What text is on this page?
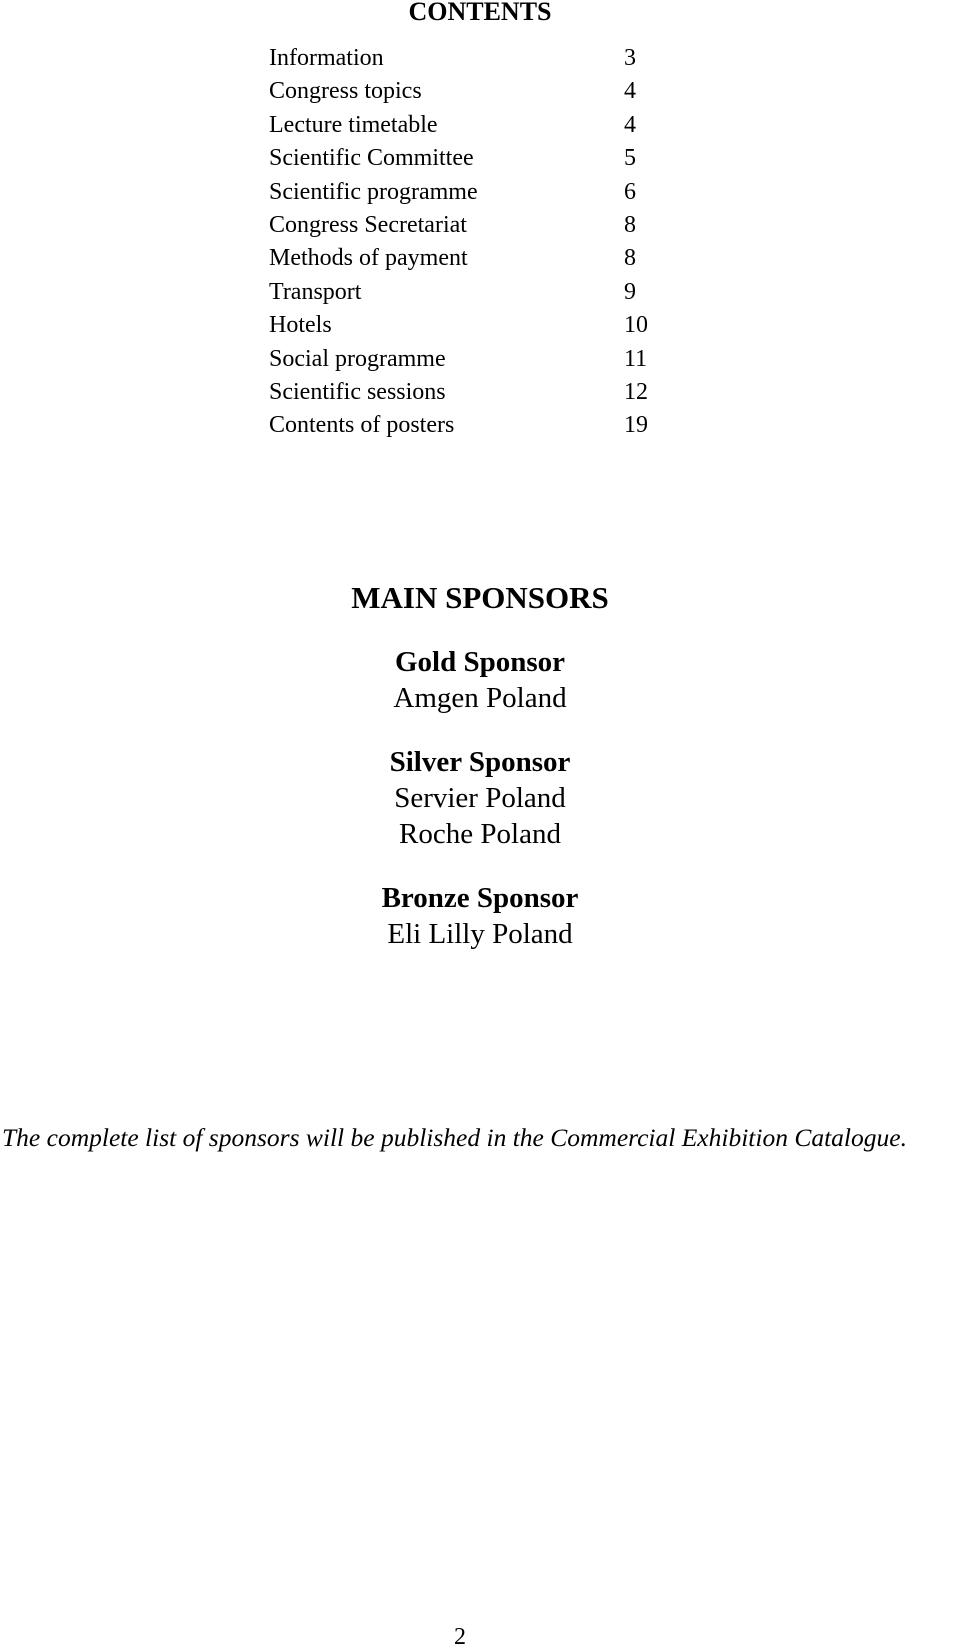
CONTENTS
Information	3
Congress topics	4
Lecture timetable	4
Scientific Committee	5
Scientific programme	6
Congress Secretariat	8
Methods of payment	8
Transport	9
Hotels	10
Social programme	11
Scientific sessions	12
Contents of posters	19
MAIN SPONSORS

Gold Sponsor

Amgen Poland

Silver Sponsor

Servier Poland

Roche Poland

Bronze Sponsor

Eli Lilly Poland

The complete list of sponsors will be published in the Commercial Exhibition Catalogue.

2
